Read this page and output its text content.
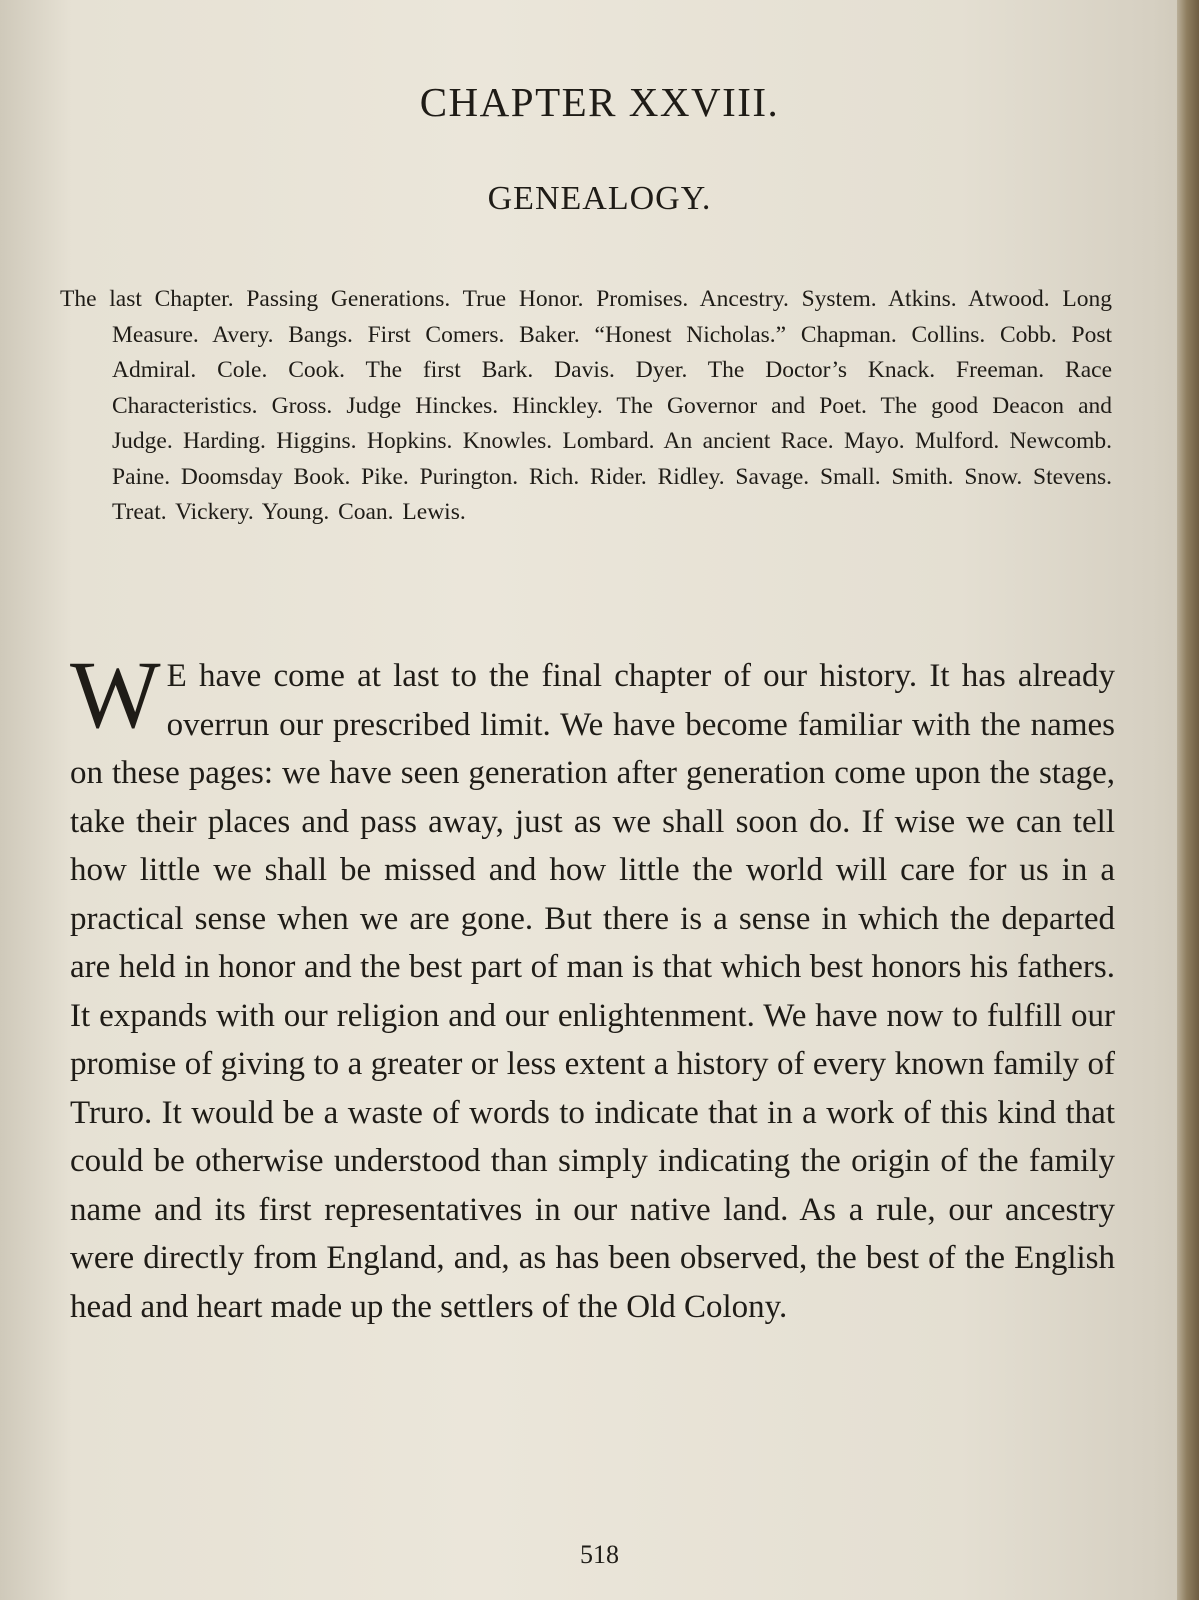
CHAPTER XXVIII.
GENEALOGY.

The last Chapter. Passing Generations. True Honor. Promises. Ancestry. System. Atkins. Atwood. Long Measure. Avery. Bangs. First Comers. Baker. “Honest Nicholas.” Chapman. Collins. Cobb. Post Admiral. Cole. Cook. The first Bark. Davis. Dyer. The Doctor’s Knack. Freeman. Race Characteristics. Gross. Judge Hinckes. Hinckley. The Governor and Poet. The good Deacon and Judge. Harding. Higgins. Hopkins. Knowles. Lombard. An ancient Race. Mayo. Mulford. Newcomb. Paine. Doomsday Book. Pike. Purington. Rich. Rider. Ridley. Savage. Small. Smith. Snow. Stevens. Treat. Vickery. Young. Coan. Lewis.

W E have come at last to the final chapter of our history. It has already overrun our prescribed limit. We have become familiar with the names on these pages: we have seen generation after generation come upon the stage, take their places and pass away, just as we shall soon do. If wise we can tell how little we shall be missed and how little the world will care for us in a practical sense when we are gone. But there is a sense in which the departed are held in honor and the best part of man is that which best honors his fathers. It expands with our religion and our enlightenment. We have now to fulfill our promise of giving to a greater or less extent a history of every known family of Truro. It would be a waste of words to indicate that in a work of this kind that could be otherwise understood than simply indicating the origin of the family name and its first representatives in our native land. As a rule, our ancestry were directly from England, and, as has been observed, the best of the English head and heart made up the settlers of the Old Colony.
518
